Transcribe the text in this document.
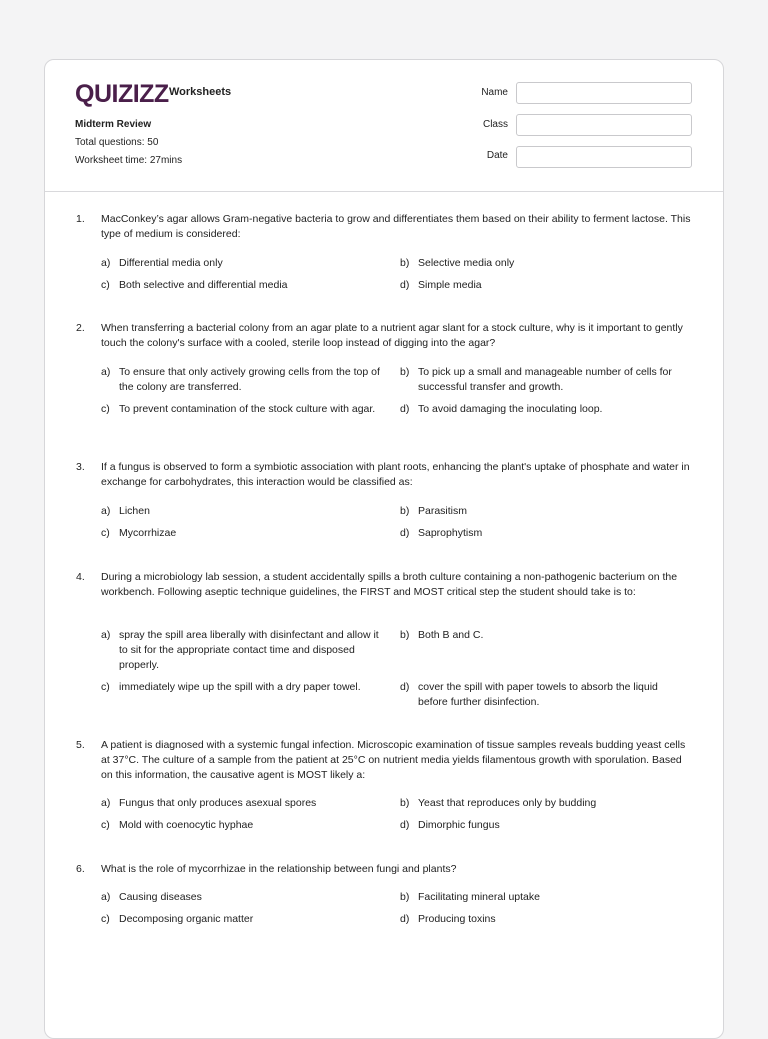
QUIZIZZ Worksheets
Midterm Review
Total questions: 50
Worksheet time: 27mins
Name
Class
Date
1. MacConkey’s agar allows Gram-negative bacteria to grow and differentiates them based on their ability to ferment lactose. This type of medium is considered:
a) Differential media only	b) Selective media only
c) Both selective and differential media	d) Simple media
2. When transferring a bacterial colony from an agar plate to a nutrient agar slant for a stock culture, why is it important to gently touch the colony's surface with a cooled, sterile loop instead of digging into the agar?
a) To ensure that only actively growing cells from the top of the colony are transferred.
b) To pick up a small and manageable number of cells for successful transfer and growth.
c) To prevent contamination of the stock culture with agar.	d) To avoid damaging the inoculating loop.
3. If a fungus is observed to form a symbiotic association with plant roots, enhancing the plant's uptake of phosphate and water in exchange for carbohydrates, this interaction would be classified as:
a) Lichen	b) Parasitism
c) Mycorrhizae	d) Saprophytism
4. During a microbiology lab session, a student accidentally spills a broth culture containing a non-pathogenic bacterium on the workbench. Following aseptic technique guidelines, the FIRST and MOST critical step the student should take is to:
a) spray the spill area liberally with disinfectant and allow it to sit for the appropriate contact time and disposed properly.
b) Both B and C.
c) immediately wipe up the spill with a dry paper towel.	d) cover the spill with paper towels to absorb the liquid before further disinfection.
5. A patient is diagnosed with a systemic fungal infection. Microscopic examination of tissue samples reveals budding yeast cells at 37°C. The culture of a sample from the patient at 25°C on nutrient media yields filamentous growth with sporulation. Based on this information, the causative agent is MOST likely a:
a) Fungus that only produces asexual spores	b) Yeast that reproduces only by budding
c) Mold with coenocytic hyphae	d) Dimorphic fungus
6. What is the role of mycorrhizae in the relationship between fungi and plants?
a) Causing diseases	b) Facilitating mineral uptake
c) Decomposing organic matter	d) Producing toxins
